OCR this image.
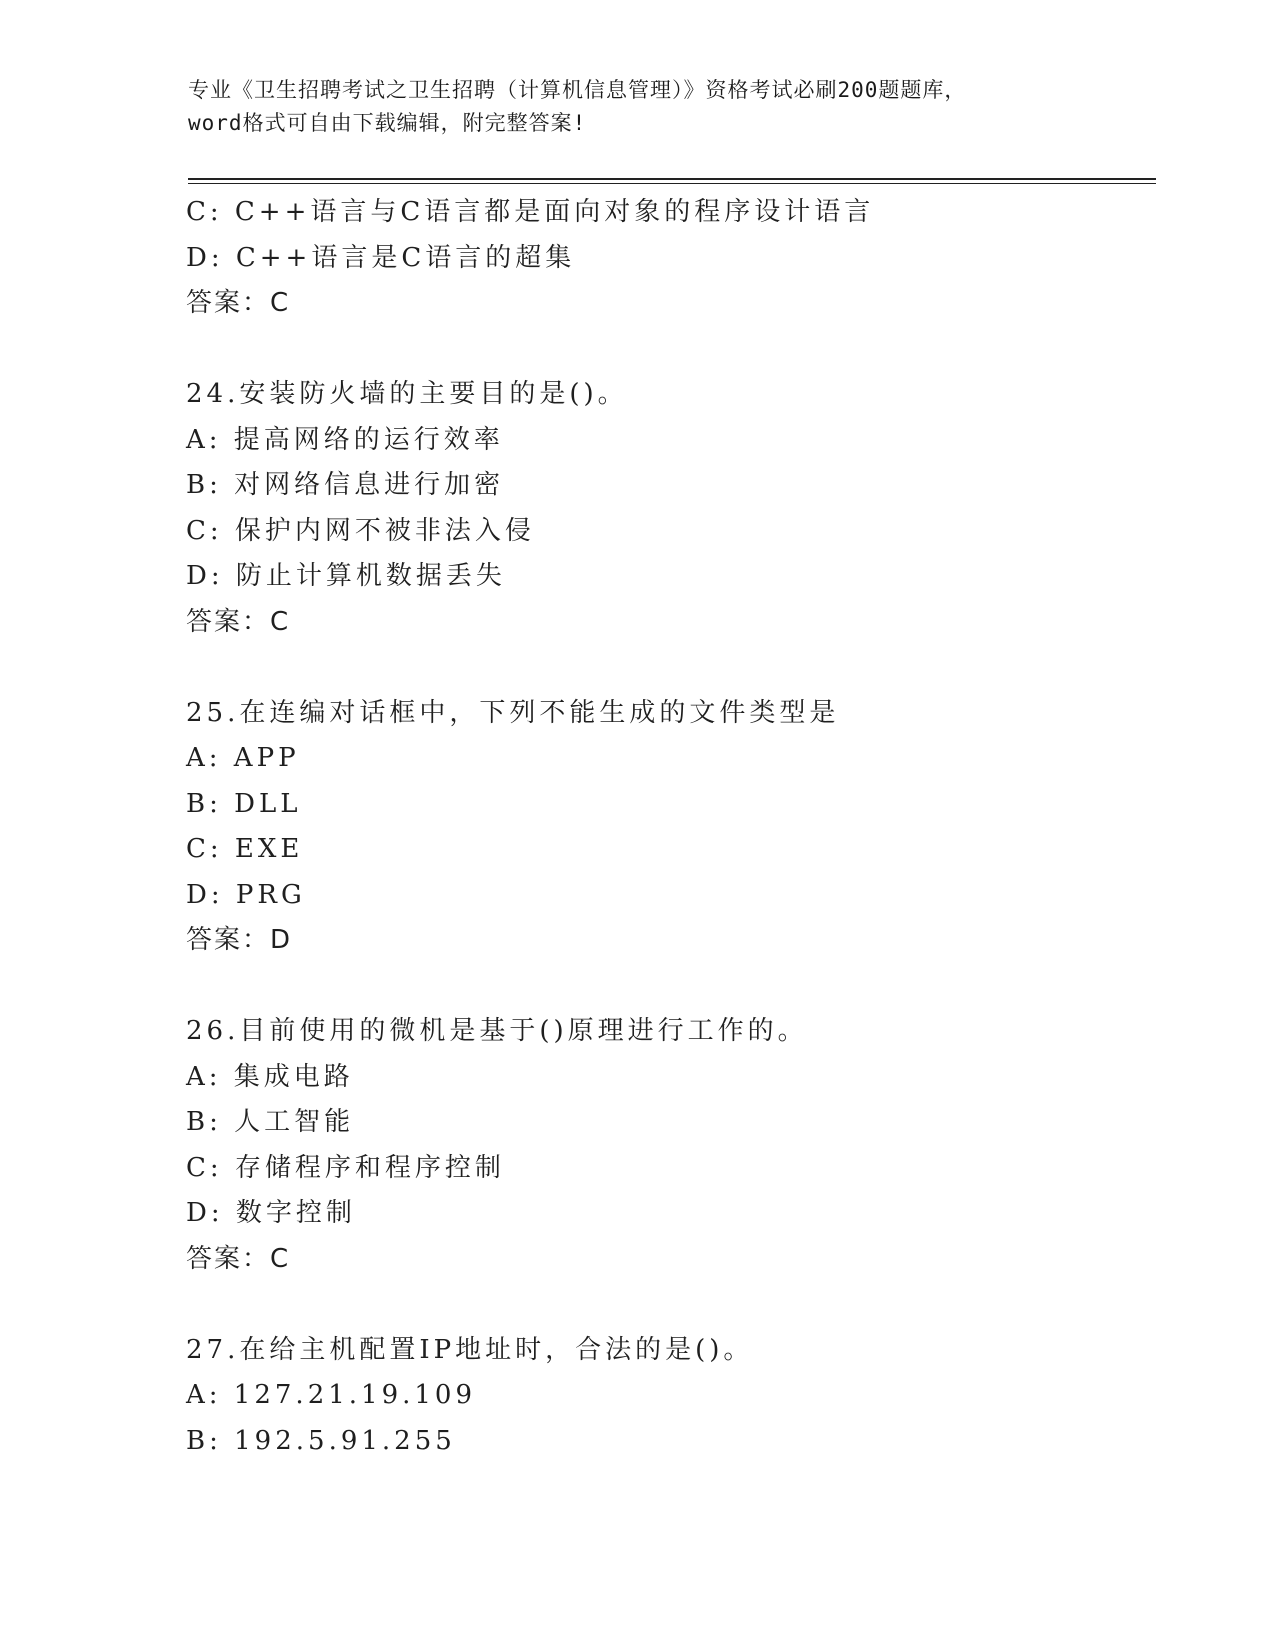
专业《卫生招聘考试之卫生招聘（计算机信息管理）》资格考试必刷200题题库，
word格式可自由下载编辑，附完整答案!
C: C++语言与C语言都是面向对象的程序设计语言
D: C++语言是C语言的超集
答案：C
24.安装防火墙的主要目的是()。
A: 提高网络的运行效率
B: 对网络信息进行加密
C: 保护内网不被非法入侵
D: 防止计算机数据丢失
答案：C
25.在连编对话框中，下列不能生成的文件类型是
A: APP
B: DLL
C: EXE
D: PRG
答案：D
26.目前使用的微机是基于()原理进行工作的。
A: 集成电路
B: 人工智能
C: 存储程序和程序控制
D: 数字控制
答案：C
27.在给主机配置IP地址时，合法的是()。
A: 127.21.19.109
B: 192.5.91.255
